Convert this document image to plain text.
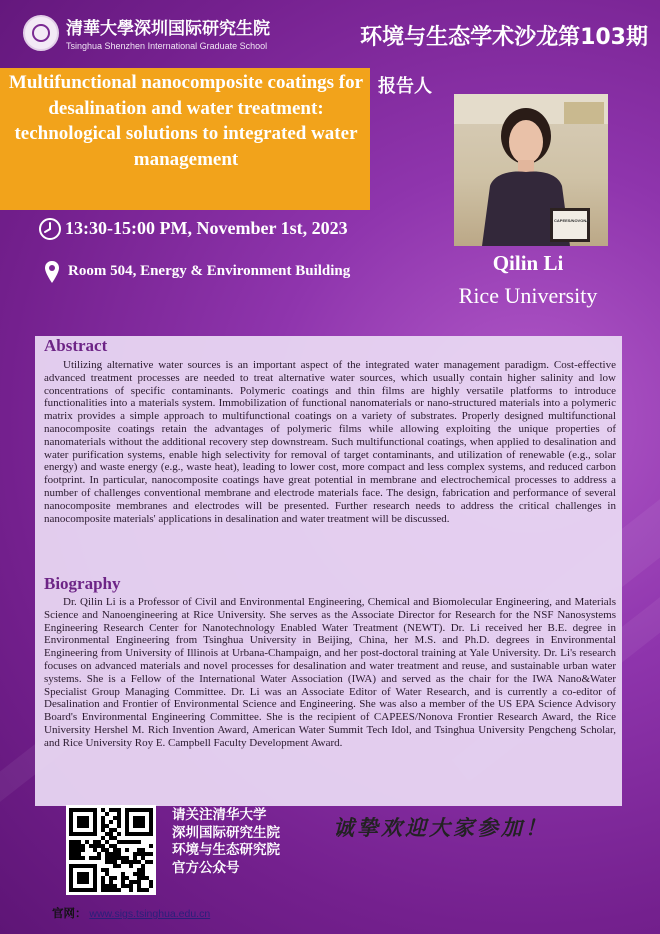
清華大學深圳国际研究生院
Tsinghua Shenzhen International Graduate School	环境与生态学术沙龙第103期
Multifunctional nanocomposite coatings for desalination and water treatment: technological solutions to integrated water management
13:30-15:00 PM, November 1st, 2023
Room 504, Energy & Environment Building
报告人
CAPEES/NOVONA
Qilin Li
Rice University
Abstract

Utilizing alternative water sources is an important aspect of the integrated water management paradigm. Cost-effective advanced treatment processes are needed to treat alternative water sources, which usually contain higher salinity and low concentrations of specific contaminants. Polymeric coatings and thin films are highly versatile platforms to introduce functionalities into a materials system. Immobilization of functional nanomaterials or nano-structured materials into a polymeric matrix provides a simple approach to multifunctional coatings on a variety of substrates. Properly designed multifunctional nanocomposite coatings retain the advantages of polymeric films while allowing exploiting the unique properties of nanomaterials without the additional recovery step downstream. Such multifunctional coatings, when applied to desalination and water purification systems, enable high selectivity for removal of target contaminants, and utilization of renewable (e.g., solar energy) and waste energy (e.g., waste heat), leading to lower cost, more compact and less complex systems, and reduced carbon footprint. In particular, nanocomposite coatings have great potential in membrane and electrochemical processes to address a number of challenges conventional membrane and electrode materials face. The design, fabrication and performance of several nanocomposite membranes and electrodes will be presented. Further research needs to address the critical challenges in nanocomposite materials' applications in desalination and water treatment will be discussed.

Biography

Dr. Qilin Li is a Professor of Civil and Environmental Engineering, Chemical and Biomolecular Engineering, and Materials Science and Nanoengineering at Rice University. She serves as the Associate Director for Research for the NSF Nanosystems Engineering Research Center for Nanotechnology Enabled Water Treatment (NEWT). Dr. Li received her B.E. degree in Environmental Engineering from Tsinghua University in Beijing, China, her M.S. and Ph.D. degrees in Environmental Engineering from University of Illinois at Urbana-Champaign, and her post-doctoral training at Yale University. Dr. Li's research focuses on advanced materials and novel processes for desalination and water treatment and reuse, and sustainable urban water systems. She is a Fellow of the International Water Association (IWA) and served as the chair for the IWA Nano&Water Specialist Group Managing Committee. Dr. Li was an Associate Editor of Water Research, and is currently a co-editor of Desalination and Frontier of Environmental Science and Engineering. She was also a member of the US EPA Science Advisory Board's Environmental Engineering Committee. She is the recipient of CAPEES/Nonova Frontier Research Award, the Rice University Hershel M. Rich Invention Award, American Water Summit Tech Idol, and Tsinghua University Pengcheng Scholar, and Rice University Roy E. Campbell Faculty Development Award.

请关注清华大学
深圳国际研究生院
环境与生态研究院
官方公众号
诚挚欢迎大家参加！
官网： www.sigs.tsinghua.edu.cn
